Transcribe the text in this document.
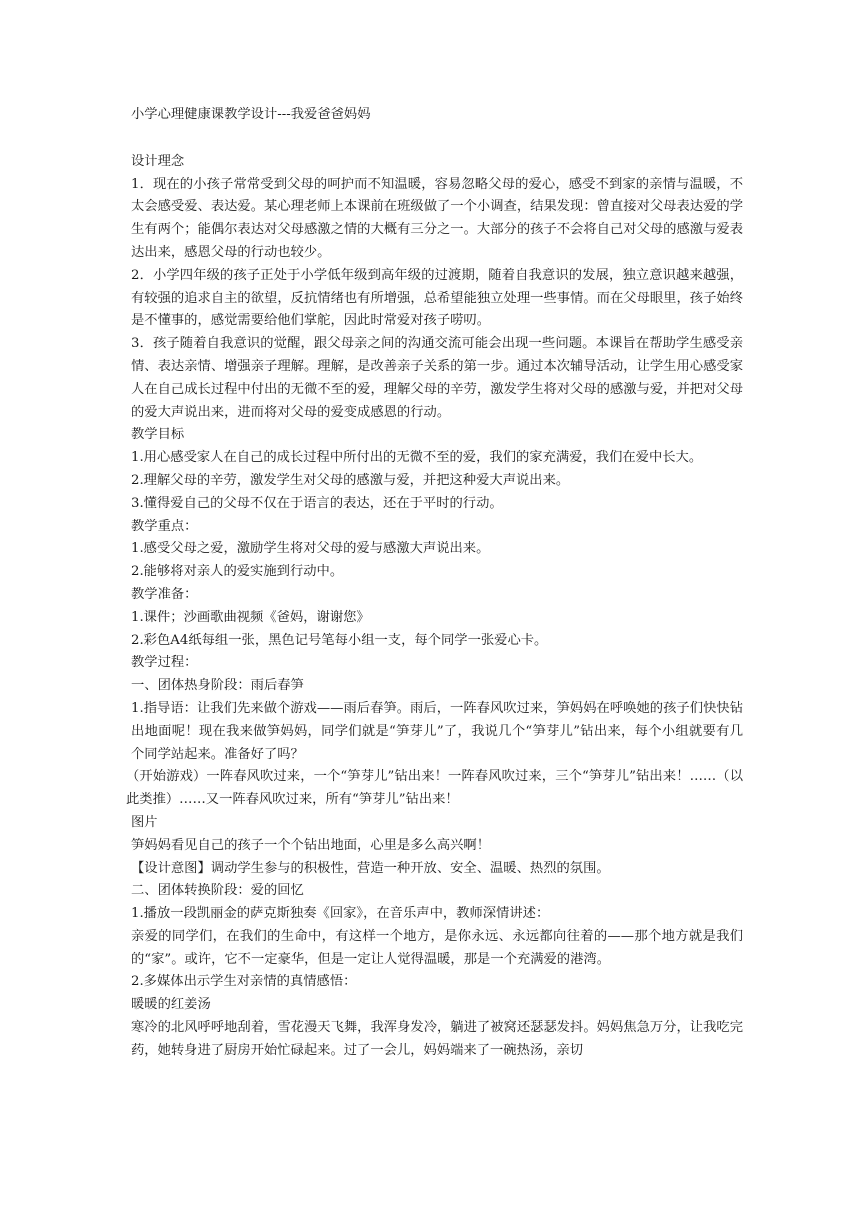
小学心理健康课教学设计---我爱爸爸妈妈

设计理念

1．现在的小孩子常常受到父母的呵护而不知温暖，容易忽略父母的爱心，感受不到家的亲情与温暖，不太会感受爱、表达爱。某心理老师上本课前在班级做了一个小调查，结果发现：曾直接对父母表达爱的学生有两个；能偶尔表达对父母感激之情的大概有三分之一。大部分的孩子不会将自己对父母的感激与爱表达出来，感恩父母的行动也较少。

2．小学四年级的孩子正处于小学低年级到高年级的过渡期，随着自我意识的发展，独立意识越来越强，有较强的追求自主的欲望，反抗情绪也有所增强，总希望能独立处理一些事情。而在父母眼里，孩子始终是不懂事的，感觉需要给他们掌舵，因此时常爱对孩子唠叨。

3．孩子随着自我意识的觉醒，跟父母亲之间的沟通交流可能会出现一些问题。本课旨在帮助学生感受亲情、表达亲情、增强亲子理解。理解，是改善亲子关系的第一步。通过本次辅导活动，让学生用心感受家人在自己成长过程中付出的无微不至的爱，理解父母的辛劳，激发学生将对父母的感激与爱，并把对父母的爱大声说出来，进而将对父母的爱变成感恩的行动。

教学目标

1.用心感受家人在自己的成长过程中所付出的无微不至的爱，我们的家充满爱，我们在爱中长大。

2.理解父母的辛劳，激发学生对父母的感激与爱，并把这种爱大声说出来。

3.懂得爱自己的父母不仅在于语言的表达，还在于平时的行动。

教学重点：

1.感受父母之爱，激励学生将对父母的爱与感激大声说出来。

2.能够将对亲人的爱实施到行动中。

教学准备：

1.课件；沙画歌曲视频《爸妈，谢谢您》

2.彩色A4纸每组一张，黑色记号笔每小组一支，每个同学一张爱心卡。

教学过程：

一、团体热身阶段：雨后春笋

1.指导语：让我们先来做个游戏——雨后春笋。雨后，一阵春风吹过来，笋妈妈在呼唤她的孩子们快快钻出地面呢！现在我来做笋妈妈，同学们就是“笋芽儿”了，我说几个“笋芽儿”钻出来，每个小组就要有几个同学站起来。准备好了吗？

（开始游戏）一阵春风吹过来，一个“笋芽儿”钻出来！一阵春风吹过来，三个“笋芽儿”钻出来！……（以此类推）……又一阵春风吹过来，所有“笋芽儿”钻出来！

图片

笋妈妈看见自己的孩子一个个钻出地面，心里是多么高兴啊！

【设计意图】调动学生参与的积极性，营造一种开放、安全、温暖、热烈的氛围。

二、团体转换阶段：爱的回忆

1.播放一段凯丽金的萨克斯独奏《回家》，在音乐声中，教师深情讲述：

亲爱的同学们，在我们的生命中，有这样一个地方，是你永远、永远都向往着的——那个地方就是我们的“家”。或许，它不一定豪华，但是一定让人觉得温暖，那是一个充满爱的港湾。

2.多媒体出示学生对亲情的真情感悟：

暖暖的红姜汤

寒冷的北风呼呼地刮着，雪花漫天飞舞，我浑身发冷，躺进了被窝还瑟瑟发抖。妈妈焦急万分，让我吃完药，她转身进了厨房开始忙碌起来。过了一会儿，妈妈端来了一碗热汤，亲切
